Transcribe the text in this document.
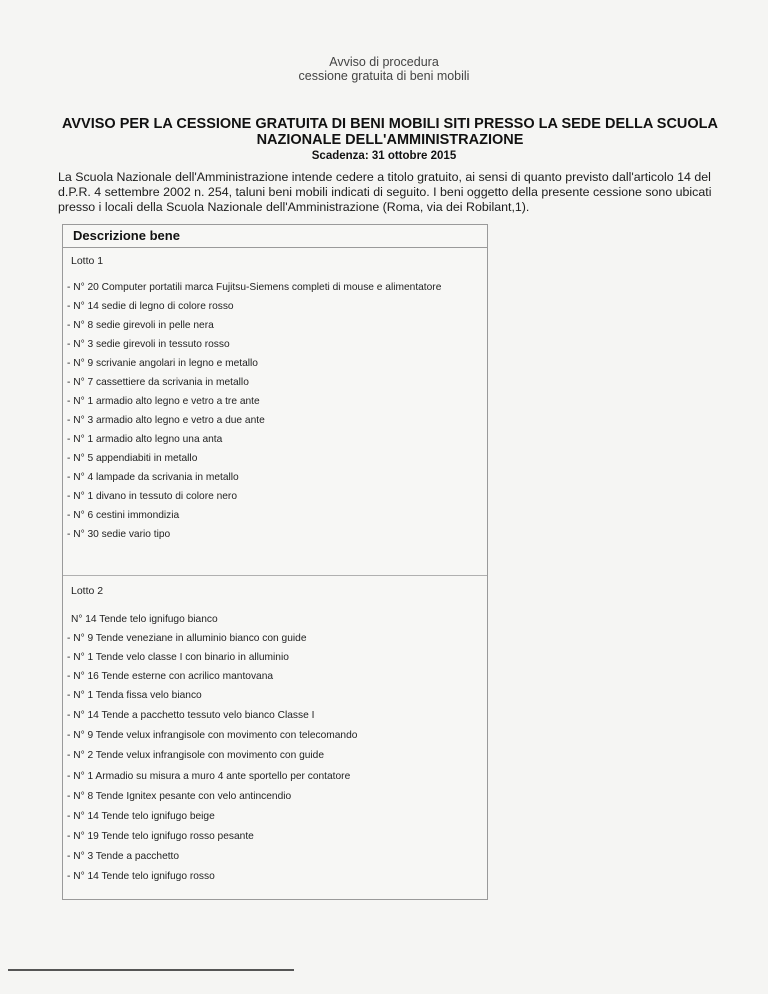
Avviso di procedura
cessione gratuita di beni mobili
AVVISO PER LA CESSIONE GRATUITA DI BENI MOBILI SITI PRESSO LA SEDE DELLA SCUOLA NAZIONALE DELL'AMMINISTRAZIONE
Scadenza: 31 ottobre 2015
La Scuola Nazionale dell'Amministrazione intende cedere a titolo gratuito, ai sensi di quanto previsto dall'articolo 14 del d.P.R. 4 settembre 2002 n. 254, taluni beni mobili indicati di seguito. I beni oggetto della presente cessione sono ubicati presso i locali della Scuola Nazionale dell'Amministrazione (Roma, via dei Robilant,1).
Descrizione bene
Lotto 1
- N° 20 Computer portatili marca Fujitsu-Siemens completi di mouse e alimentatore
- N° 14 sedie di legno di colore rosso
- N° 8 sedie girevoli in pelle nera
- N° 3 sedie girevoli in tessuto rosso
- N° 9 scrivanie angolari in legno e metallo
- N° 7 cassettiere da scrivania in metallo
- N° 1 armadio alto legno e vetro a tre ante
- N° 3 armadio alto legno e vetro a due ante
- N° 1 armadio alto legno una anta
- N° 5 appendiabiti in metallo
- N° 4 lampade da scrivania in metallo
- N° 1 divano in tessuto di colore nero
- N° 6 cestini immondizia
- N° 30 sedie vario tipo
Lotto 2
N° 14 Tende telo ignifugo bianco
- N° 9 Tende veneziane in alluminio bianco con guide
- N° 1 Tende velo classe I con binario in alluminio
- N° 16 Tende esterne con acrilico mantovana
- N° 1 Tenda fissa velo bianco
- N° 14 Tende a pacchetto tessuto velo bianco Classe I
- N° 9 Tende velux infrangisole con movimento con telecomando
- N° 2 Tende velux infrangisole con movimento con guide
- N° 1 Armadio su misura a muro 4 ante sportello per contatore
- N° 8 Tende Ignitex pesante con velo antincendio
- N° 14 Tende telo ignifugo beige
- N° 19 Tende telo ignifugo rosso pesante
- N° 3 Tende a pacchetto
- N° 14 Tende telo ignifugo rosso
